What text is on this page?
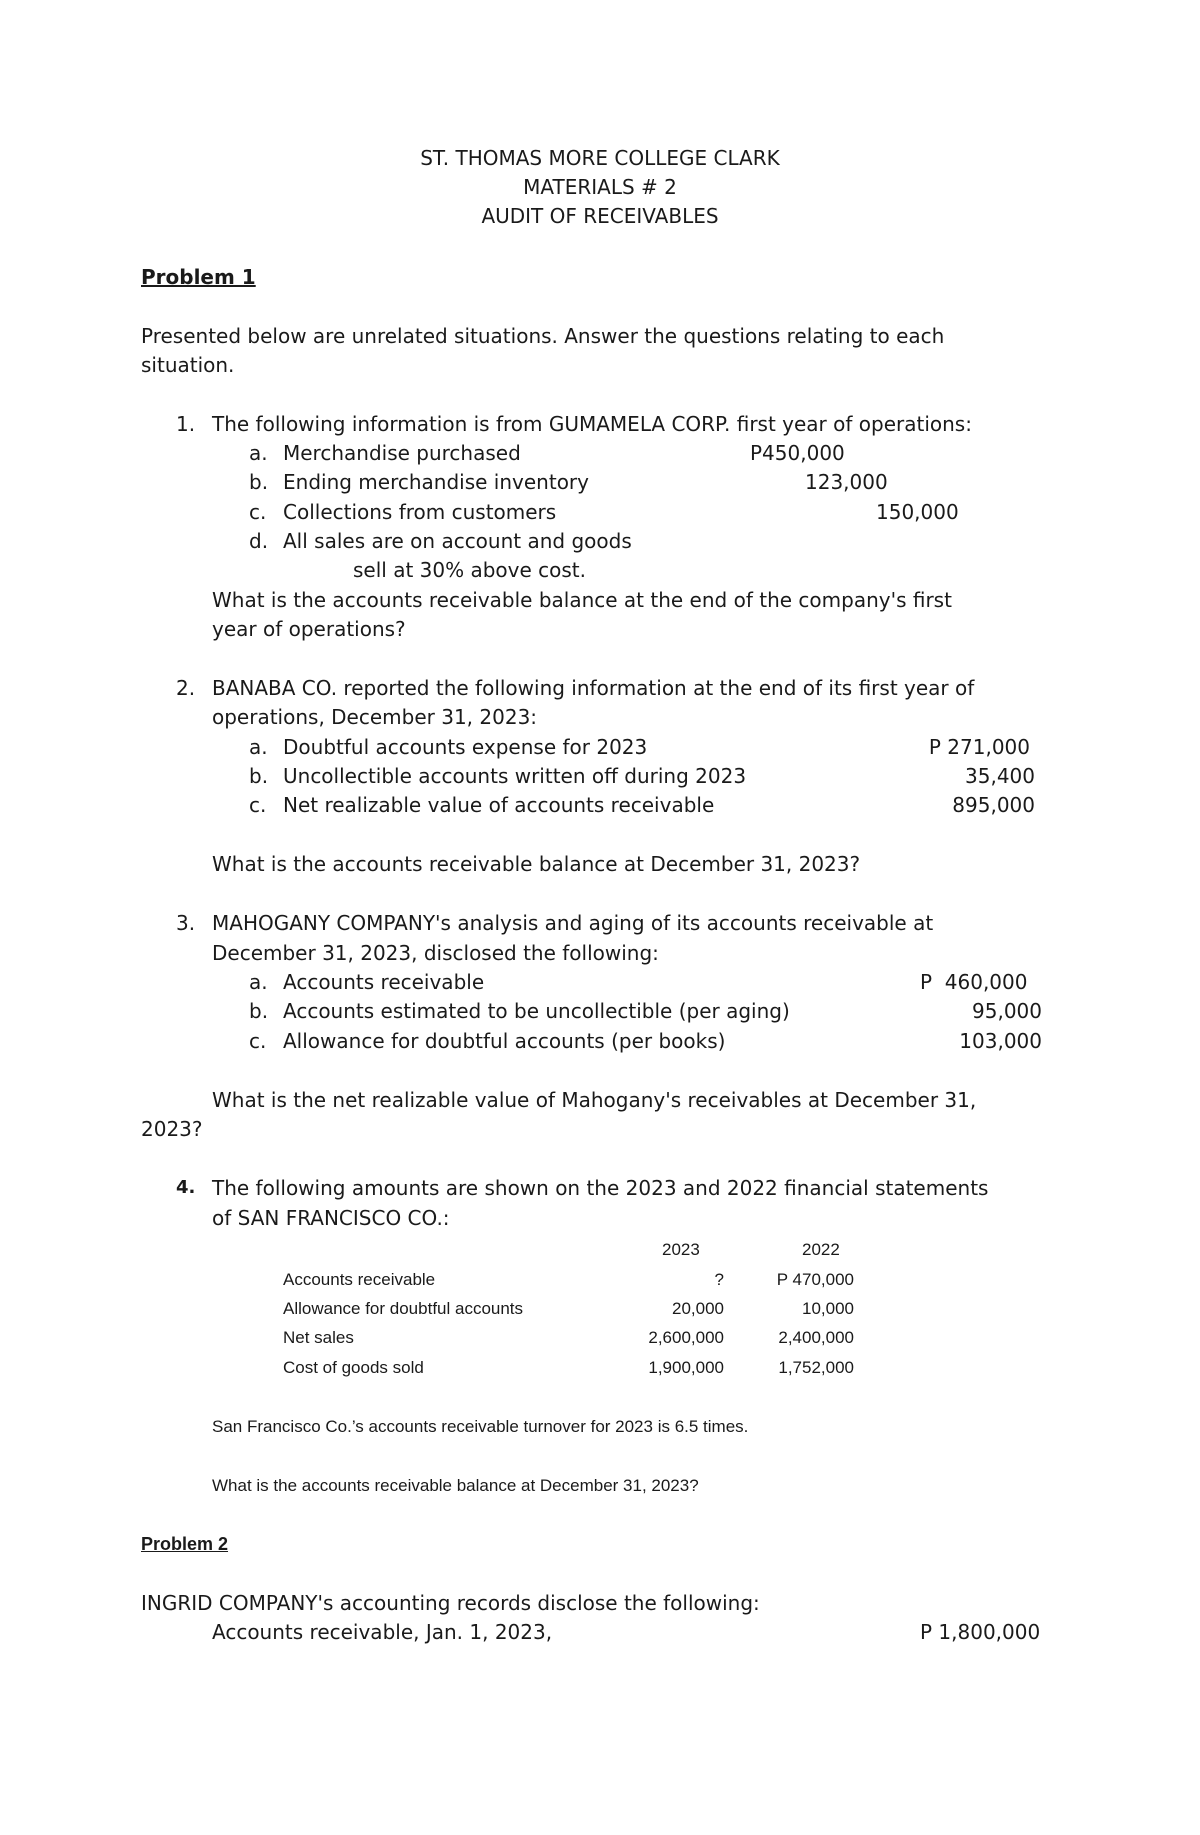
ST. THOMAS MORE COLLEGE CLARK
MATERIALS # 2
AUDIT OF RECEIVABLES
Problem 1
Presented below are unrelated situations. Answer the questions relating to each
situation.
1. The following information is from GUMAMELA CORP. first year of operations:
a. Merchandise purchased	P450,000
b. Ending merchandise inventory	123,000
c. Collections from customers	150,000
d. All sales are on account and goods
sell at 30% above cost.
What is the accounts receivable balance at the end of the company's first
year of operations?
2. BANABA CO. reported the following information at the end of its first year of
operations, December 31, 2023:
a. Doubtful accounts expense for 2023	P 271,000
b. Uncollectible accounts written off during 2023	35,400
c. Net realizable value of accounts receivable	895,000
What is the accounts receivable balance at December 31, 2023?
3. MAHOGANY COMPANY's analysis and aging of its accounts receivable at
December 31, 2023, disclosed the following:
a. Accounts receivable	P  460,000
b. Accounts estimated to be uncollectible (per aging)	95,000
c. Allowance for doubtful accounts (per books)	103,000
What is the net realizable value of Mahogany's receivables at December 31,
2023?
4. The following amounts are shown on the 2023 and 2022 financial statements
of SAN FRANCISCO CO.:
2023	2022
Accounts receivable	?	P 470,000
Allowance for doubtful accounts	20,000	10,000
Net sales	2,600,000	2,400,000
Cost of goods sold	1,900,000	1,752,000
San Francisco Co.’s accounts receivable turnover for 2023 is 6.5 times.
What is the accounts receivable balance at December 31, 2023?
Problem 2
INGRID COMPANY's accounting records disclose the following:
Accounts receivable, Jan. 1, 2023,	P 1,800,000
